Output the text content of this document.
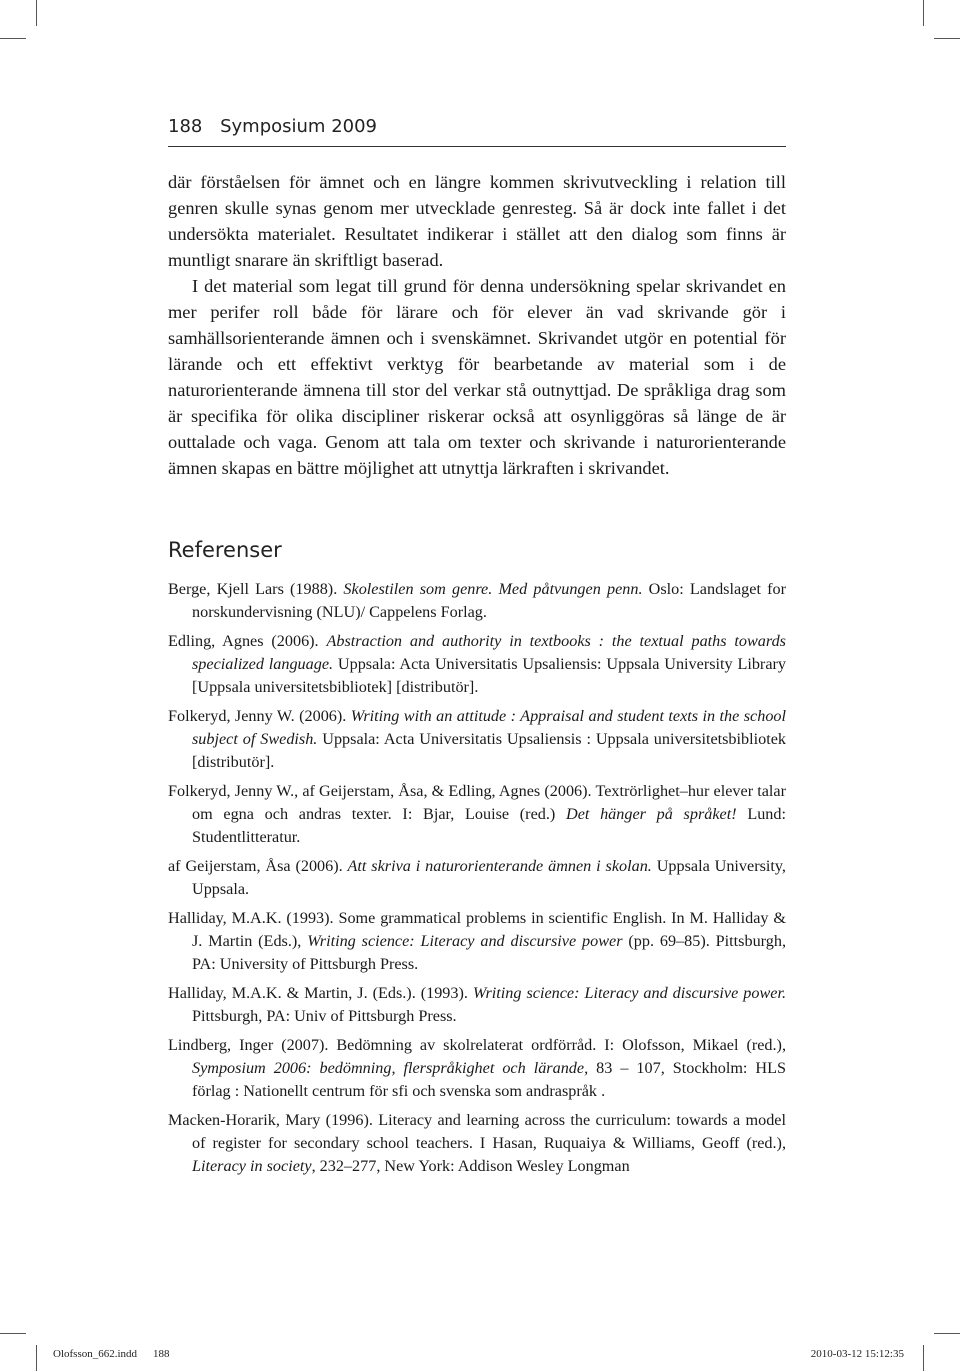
188 Symposium 2009

där förståelsen för ämnet och en längre kommen skrivutveckling i relation till genren skulle synas genom mer utvecklade genresteg. Så är dock inte fallet i det undersökta materialet. Resultatet indikerar i stället att den dialog som finns är muntligt snarare än skriftligt baserad.

I det material som legat till grund för denna undersökning spelar skrivandet en mer perifer roll både för lärare och för elever än vad skrivande gör i samhällsorienterande ämnen och i svenskämnet. Skrivandet utgör en potential för lärande och ett effektivt verktyg för bearbetande av material som i de naturorienterande ämnena till stor del verkar stå outnyttjad. De språkliga drag som är specifika för olika discipliner riskerar också att osynliggöras så länge de är outtalade och vaga. Genom att tala om texter och skrivande i naturorienterande ämnen skapas en bättre möjlighet att utnyttja lärkraften i skrivandet.

Referenser

Berge, Kjell Lars (1988). Skolestilen som genre. Med påtvungen penn. Oslo: Landslaget for norskundervisning (NLU)/ Cappelens Forlag.

Edling, Agnes (2006). Abstraction and authority in textbooks : the textual paths towards specialized language. Uppsala: Acta Universitatis Upsaliensis: Uppsala University Library [Uppsala universitetsbibliotek] [distributör].

Folkeryd, Jenny W. (2006). Writing with an attitude : Appraisal and student texts in the school subject of Swedish. Uppsala: Acta Universitatis Upsaliensis : Uppsala universitetsbibliotek [distributör].

Folkeryd, Jenny W., af Geijerstam, Åsa, & Edling, Agnes (2006). Textrörlighet–hur elever talar om egna och andras texter. I: Bjar, Louise (red.) Det hänger på språket! Lund: Studentlitteratur.

af Geijerstam, Åsa (2006). Att skriva i naturorienterande ämnen i skolan. Uppsala University, Uppsala.

Halliday, M.A.K. (1993). Some grammatical problems in scientific English. In M. Halliday & J. Martin (Eds.), Writing science: Literacy and discursive power (pp. 69–85). Pittsburgh, PA: University of Pittsburgh Press.

Halliday, M.A.K. & Martin, J. (Eds.). (1993). Writing science: Literacy and discursive power. Pittsburgh, PA: Univ of Pittsburgh Press.

Lindberg, Inger (2007). Bedömning av skolrelaterat ordförråd. I: Olofsson, Mikael (red.), Symposium 2006: bedömning, flerspråkighet och lärande, 83 – 107, Stockholm: HLS förlag : Nationellt centrum för sfi och svenska som andraspråk .

Macken-Horarik, Mary (1996). Literacy and learning across the curriculum: towards a model of register for secondary school teachers. I Hasan, Ruquaiya & Williams, Geoff (red.), Literacy in society, 232–277, New York: Addison Wesley Longman

Olofsson_662.indd 188	2010-03-12 15:12:35
